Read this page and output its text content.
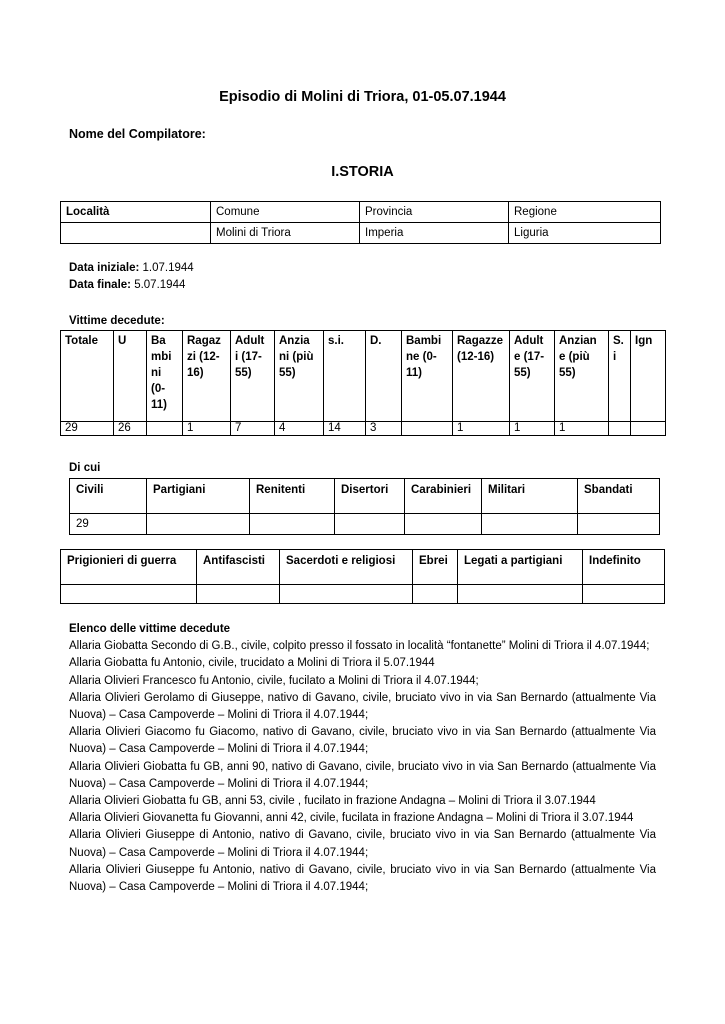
Episodio di Molini di Triora, 01-05.07.1944
Nome del Compilatore:
I.STORIA
Località	Comune	Provincia	Regione
	Molini di Triora	Imperia	Liguria
Data iniziale: 1.07.1944
Data finale: 5.07.1944
Vittime decedute:
Totale	U	Ba mbi ni (0- 11)	Ragaz zi (12- 16)	Adult i (17- 55)	Anzia ni (più 55)	s.i.	D.	Bambi ne (0- 11)	Ragazze (12-16)	Adult e (17- 55)	Anzian e (più 55)	S. i	Ign
29	26		1	7	4	14	3		1	1	1		
Di cui
Civili	Partigiani	Renitenti	Disertori	Carabinieri	Militari	Sbandati
29						
Prigionieri di guerra	Antifascisti	Sacerdoti e religiosi	Ebrei	Legati a partigiani	Indefinito

Elenco delle vittime decedute

Allaria Giobatta Secondo di G.B., civile, colpito presso il fossato in località “fontanette” Molini di Triora il 4.07.1944;

Allaria Giobatta fu Antonio, civile, trucidato a Molini di Triora il 5.07.1944

Allaria Olivieri Francesco fu Antonio, civile, fucilato a Molini di Triora il 4.07.1944;

Allaria Olivieri Gerolamo di Giuseppe, nativo di Gavano, civile, bruciato vivo in via San Bernardo (attualmente Via Nuova) – Casa Campoverde – Molini di Triora il 4.07.1944;

Allaria Olivieri Giacomo fu Giacomo, nativo di Gavano, civile, bruciato vivo in via San Bernardo (attualmente Via Nuova) – Casa Campoverde – Molini di Triora il 4.07.1944;

Allaria Olivieri Giobatta fu GB, anni 90, nativo di Gavano, civile, bruciato vivo in via San Bernardo (attualmente Via Nuova) – Casa Campoverde – Molini di Triora il 4.07.1944;

Allaria Olivieri Giobatta fu GB, anni 53, civile , fucilato in frazione Andagna – Molini di Triora il 3.07.1944

Allaria Olivieri Giovanetta fu Giovanni, anni 42, civile, fucilata in frazione Andagna – Molini di Triora il 3.07.1944

Allaria Olivieri Giuseppe di Antonio, nativo di Gavano, civile, bruciato vivo in via San Bernardo (attualmente Via Nuova) – Casa Campoverde – Molini di Triora il 4.07.1944;

Allaria Olivieri Giuseppe fu Antonio, nativo di Gavano, civile, bruciato vivo in via San Bernardo (attualmente Via Nuova) – Casa Campoverde – Molini di Triora il 4.07.1944;
